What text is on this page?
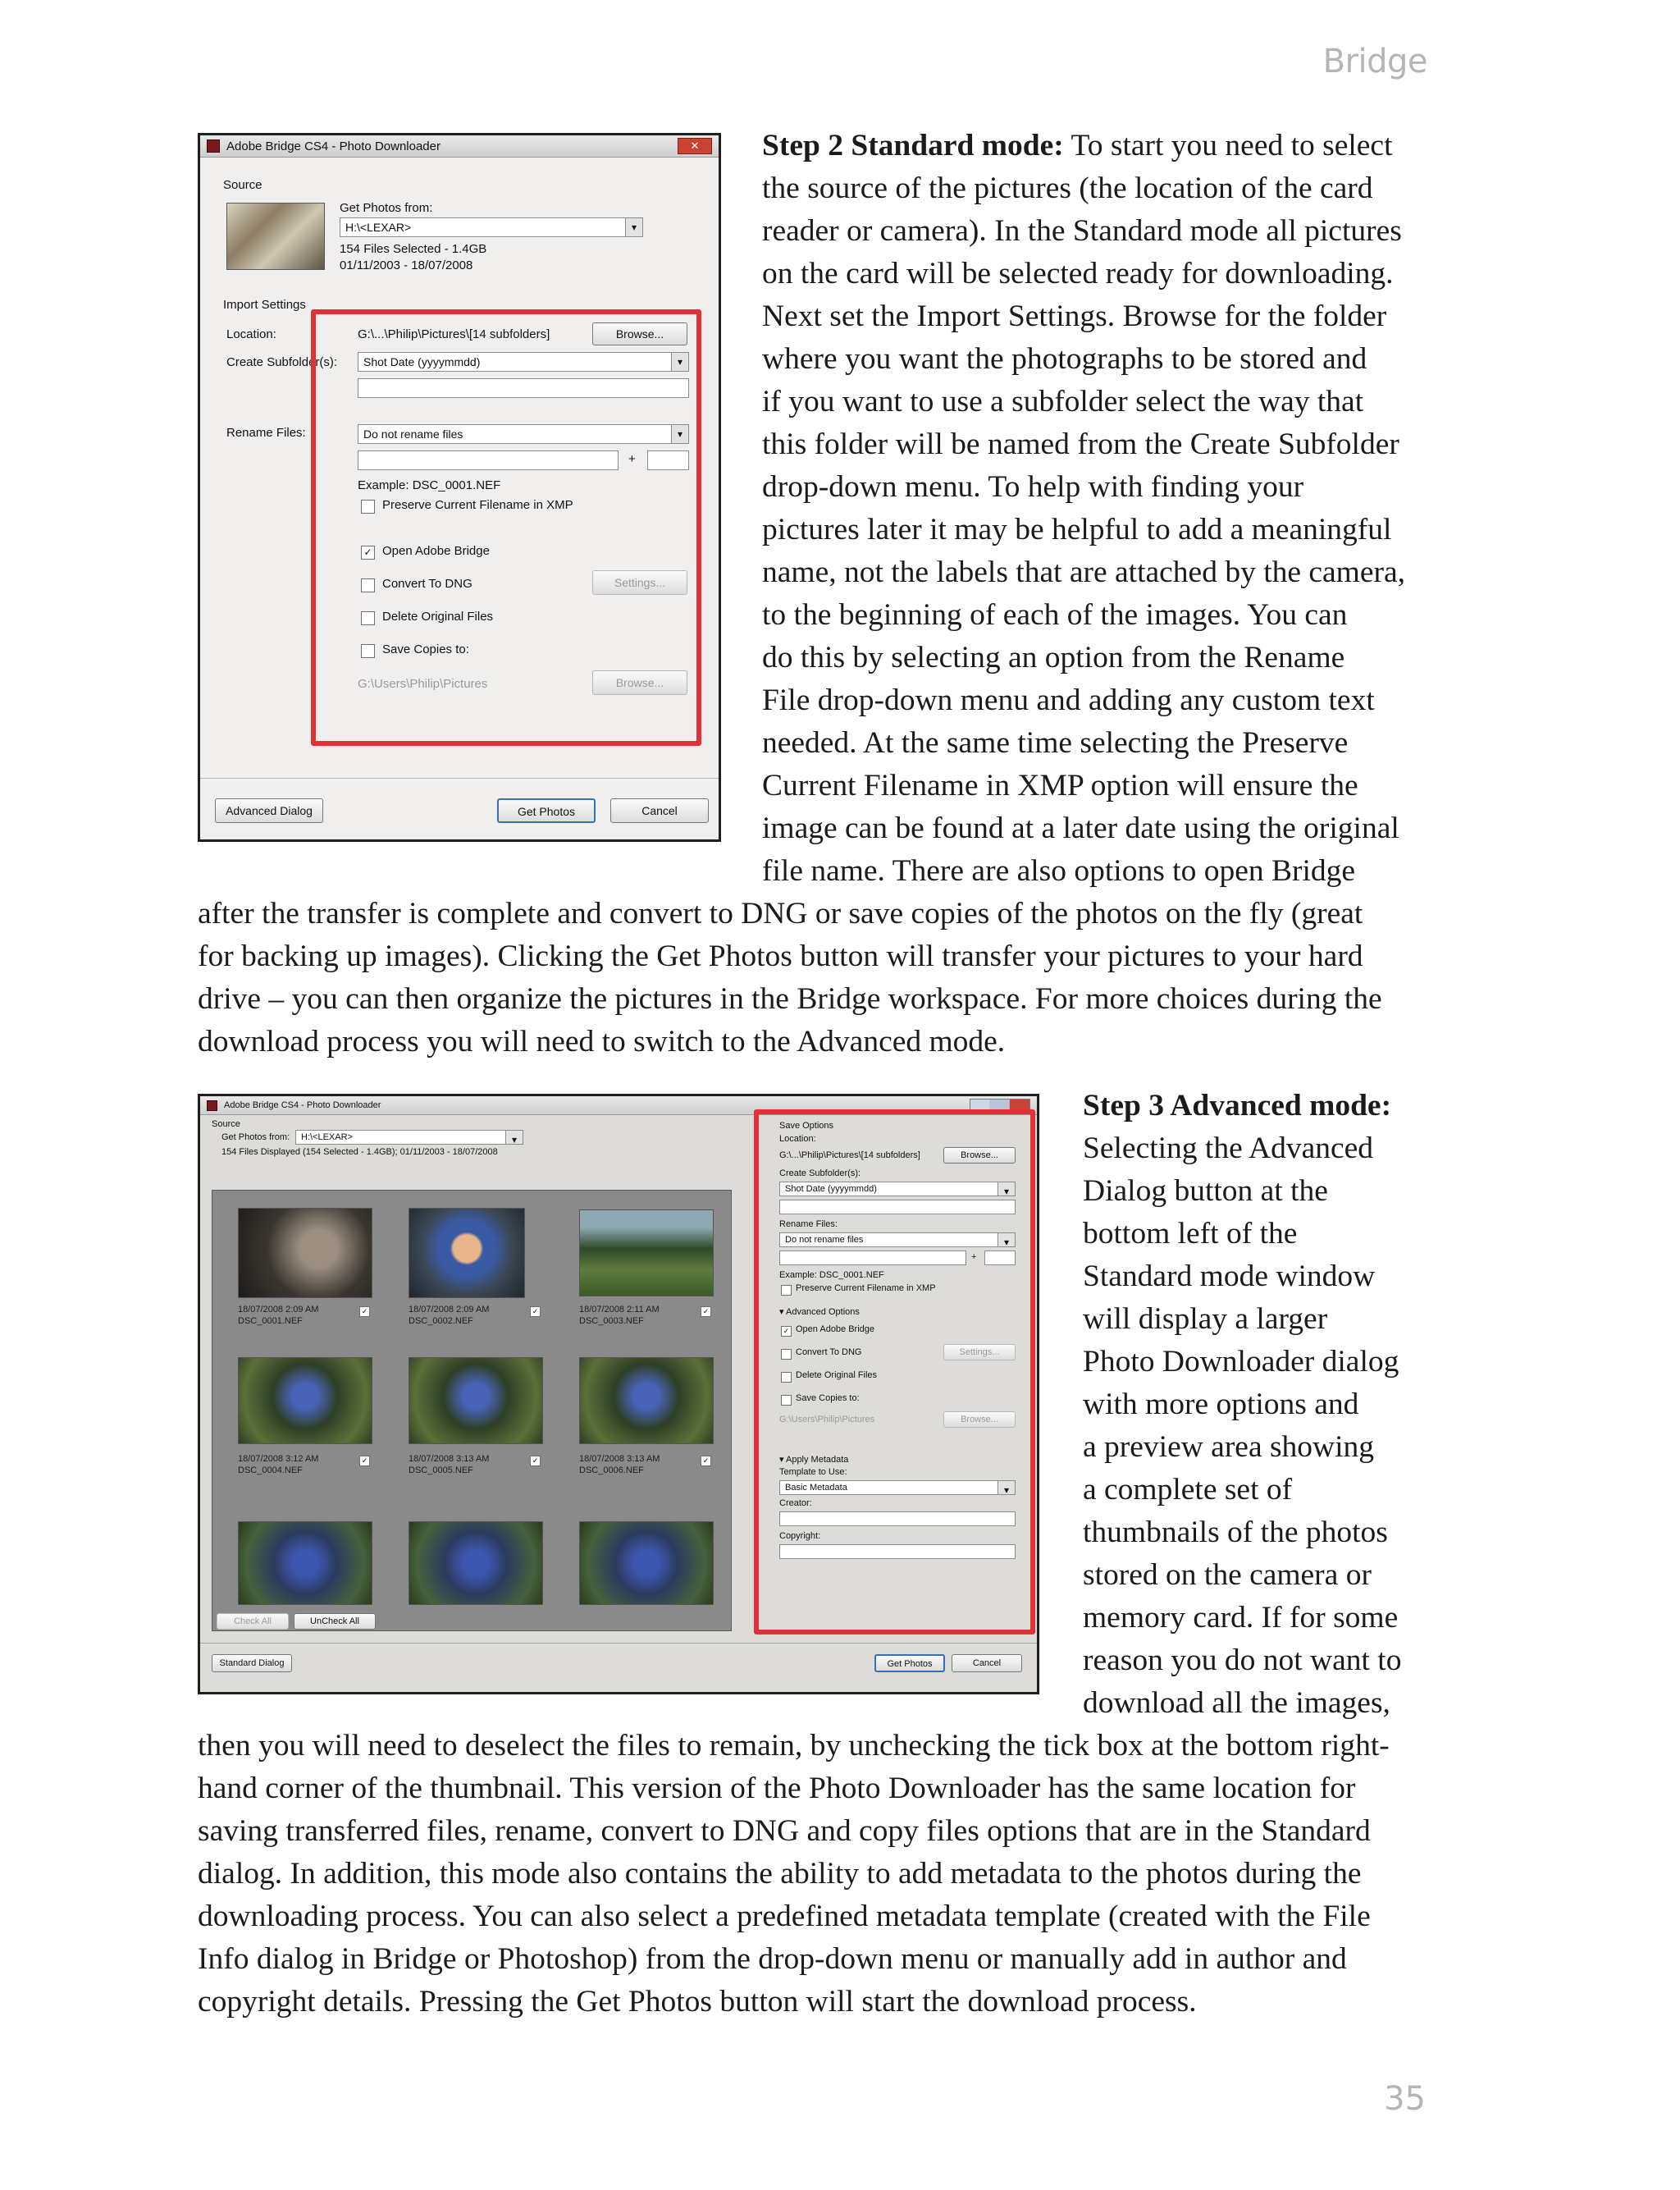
Bridge
35
Adobe Bridge CS4 - Photo Downloader	✕
Source
Get Photos from:
H:\<LEXAR> ▾
154 Files Selected - 1.4GB
01/11/2003 - 18/07/2008
Import Settings
Location:	G:\...\Philip\Pictures\[14 subfolders]	Browse...
Create Subfolder(s):	Shot Date (yyyymmdd) ▾
Rename Files:	Do not rename files ▾
+
Example: DSC_0001.NEF
Preserve Current Filename in XMP
✓ Open Adobe Bridge
Convert To DNG	Settings...
Delete Original Files
Save Copies to:
G:\Users\Philip\Pictures	Browse...
Advanced Dialog	Get Photos	Cancel
Step 2 Standard mode: To start you need to select
the source of the pictures (the location of the card
reader or camera). In the Standard mode all pictures
on the card will be selected ready for downloading.
Next set the Import Settings. Browse for the folder
where you want the photographs to be stored and
if you want to use a subfolder select the way that
this folder will be named from the Create Subfolder
drop-down menu. To help with finding your
pictures later it may be helpful to add a meaningful
name, not the labels that are attached by the camera,
to the beginning of each of the images. You can
do this by selecting an option from the Rename
File drop-down menu and adding any custom text
needed. At the same time selecting the Preserve
Current Filename in XMP option will ensure the
image can be found at a later date using the original
file name. There are also options to open Bridge
after the transfer is complete and convert to DNG or save copies of the photos on the fly (great
for backing up images). Clicking the Get Photos button will transfer your pictures to your hard
drive – you can then organize the pictures in the Bridge workspace. For more choices during the
download process you will need to switch to the Advanced mode.
Adobe Bridge CS4 - Photo Downloader
Source
Get Photos from:	H:\<LEXAR> ▾
154 Files Displayed (154 Selected - 1.4GB); 01/11/2003 - 18/07/2008
18/07/2008 2:09 AM
DSC_0001.NEF
✓	18/07/2008 2:09 AM
DSC_0002.NEF
✓	18/07/2008 2:11 AM
DSC_0003.NEF
✓
18/07/2008 3:12 AM
DSC_0004.NEF
✓	18/07/2008 3:13 AM
DSC_0005.NEF
✓	18/07/2008 3:13 AM
DSC_0006.NEF
✓
Check All	UnCheck All
Save Options
Location:
G:\...\Philip\Pictures\[14 subfolders]	Browse...
Create Subfolder(s):
Shot Date (yyyymmdd) ▾
Rename Files:
Do not rename files ▾
+
Example: DSC_0001.NEF
Preserve Current Filename in XMP
▾ Advanced Options
✓ Open Adobe Bridge
Convert To DNG	Settings...
Delete Original Files
Save Copies to:
G:\Users\Philip\Pictures	Browse...
▾ Apply Metadata
Template to Use:
Basic Metadata ▾
Creator:
Copyright:
Standard Dialog	Get Photos	Cancel
Step 3 Advanced mode:
Selecting the Advanced
Dialog button at the
bottom left of the
Standard mode window
will display a larger
Photo Downloader dialog
with more options and
a preview area showing
a complete set of
thumbnails of the photos
stored on the camera or
memory card. If for some
reason you do not want to
download all the images,
then you will need to deselect the files to remain, by unchecking the tick box at the bottom right-
hand corner of the thumbnail. This version of the Photo Downloader has the same location for
saving transferred files, rename, convert to DNG and copy files options that are in the Standard
dialog. In addition, this mode also contains the ability to add metadata to the photos during the
downloading process. You can also select a predefined metadata template (created with the File
Info dialog in Bridge or Photoshop) from the drop-down menu or manually add in author and
copyright details. Pressing the Get Photos button will start the download process.
